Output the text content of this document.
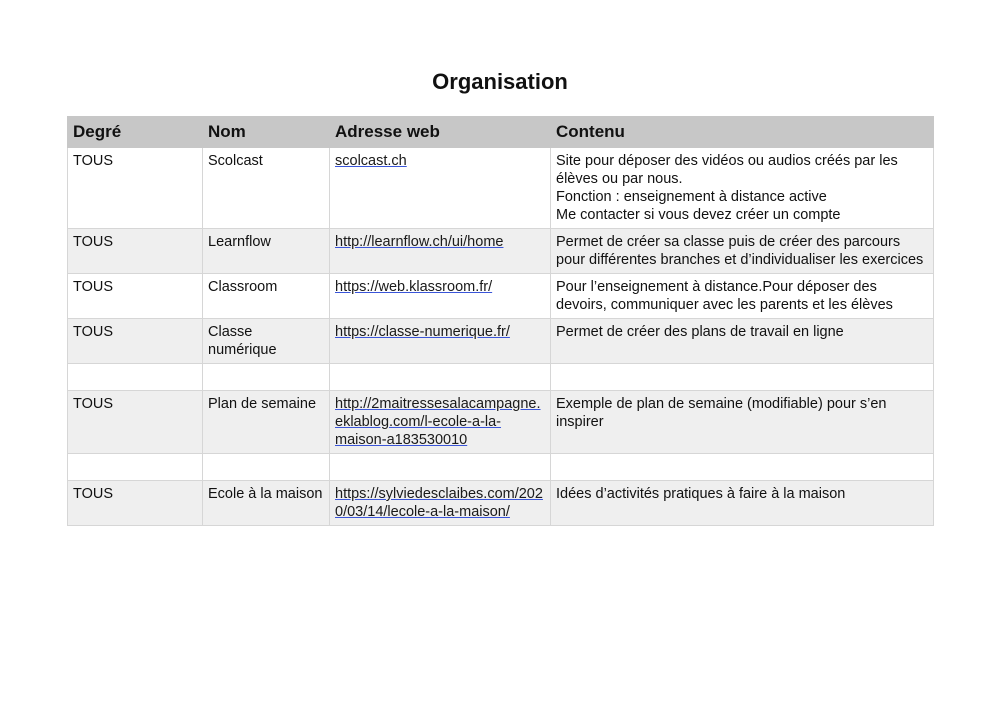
Organisation
Degré	Nom	Adresse web	Contenu
TOUS	Scolcast	scolcast.ch	Site pour déposer des vidéos ou audios créés par les élèves ou par nous.
Fonction : enseignement à distance active
Me contacter si vous devez créer un compte

TOUS	Learnflow	http://learnflow.ch/ui/home	Permet de créer sa classe puis de créer des parcours pour différentes branches et d’individualiser les exercices

TOUS	Classroom	https://web.klassroom.fr/	Pour l’enseignement à distance.Pour déposer des devoirs, communiquer avec les parents et les élèves

TOUS	Classe numérique	https://classe-numerique.fr/	Permet de créer des plans de travail en ligne

TOUS	Plan de semaine	http://2maitressesalacampagne.eklablog.com/l-ecole-a-la-maison-a183530010	Exemple de plan de semaine (modifiable) pour s’en inspirer

TOUS	Ecole à la maison	https://sylviedesclaibes.com/2020/03/14/lecole-a-la-maison/	Idées d’activités pratiques à faire à la maison
